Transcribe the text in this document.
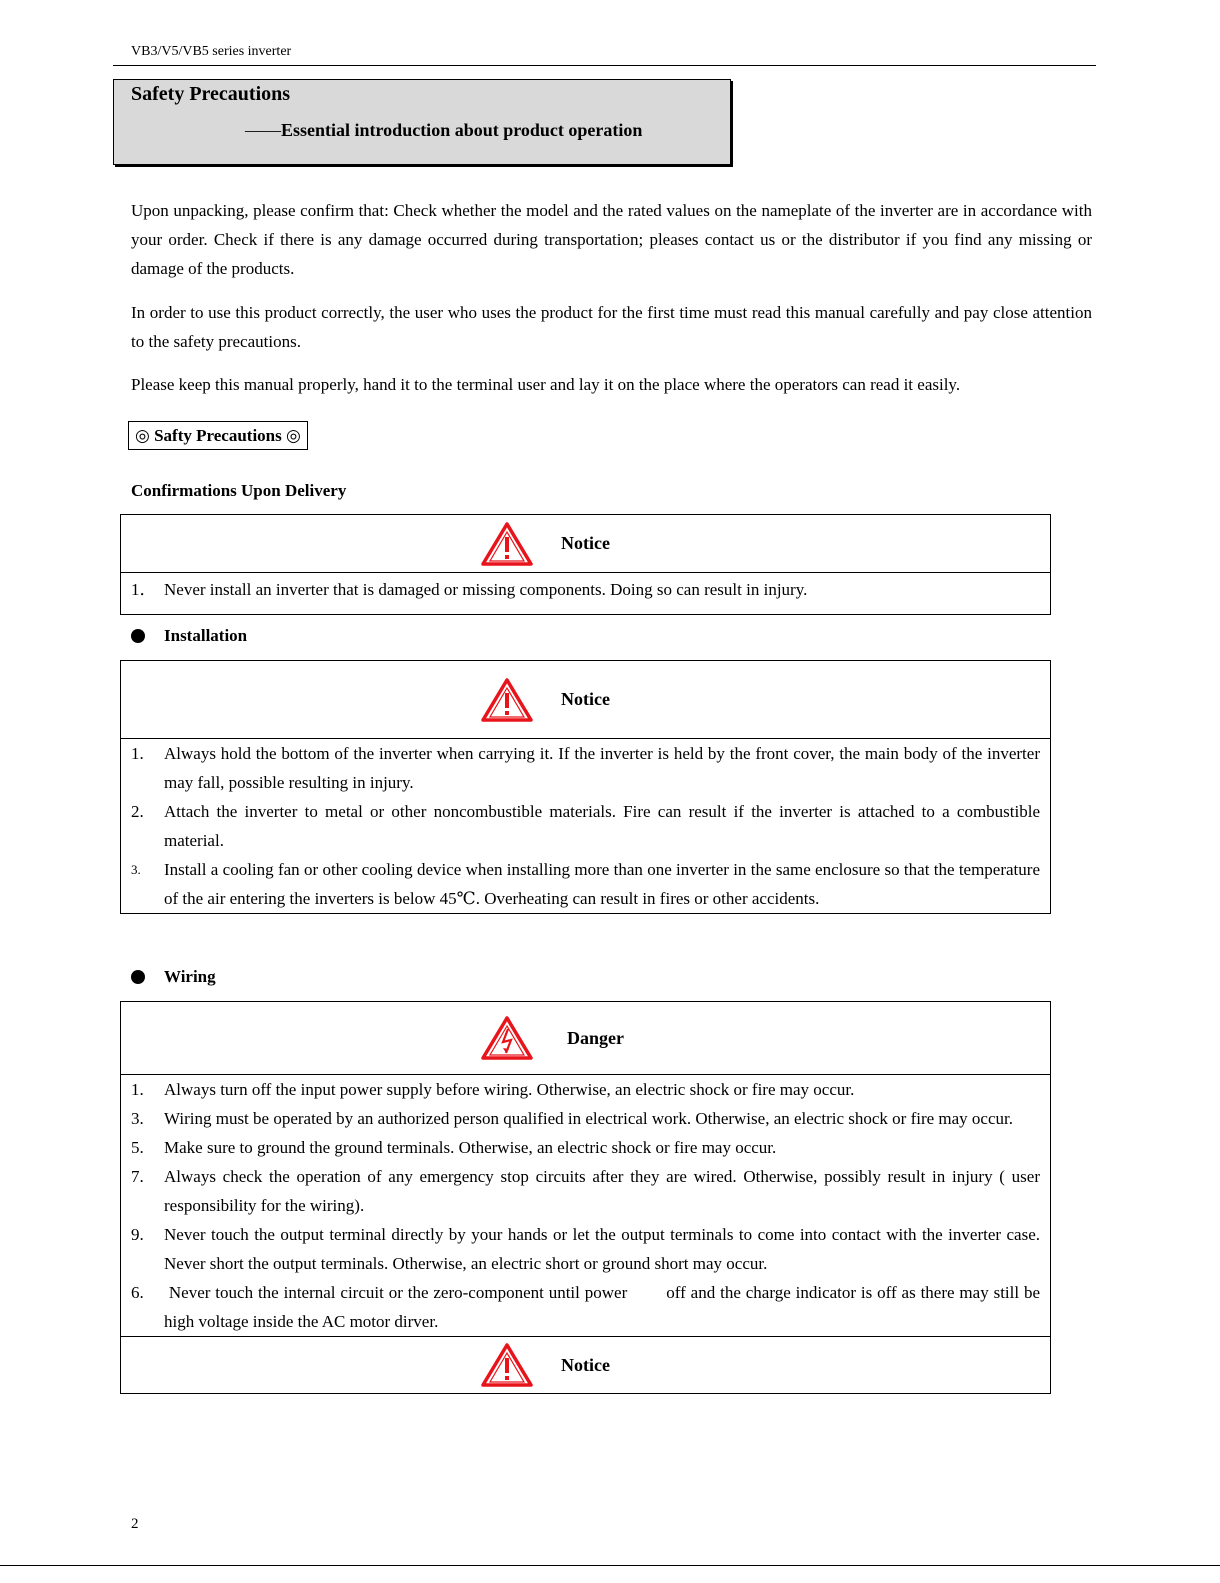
VB3/V5/VB5 series inverter
Safety Precautions
——Essential introduction about product operation
Upon unpacking, please confirm that: Check whether the model and the rated values on the nameplate of the inverter are in accordance with your order. Check if there is any damage occurred during transportation; pleases contact us or the distributor if you find any missing or damage of the products.
In order to use this product correctly, the user who uses the product for the first time must read this manual carefully and pay close attention to the safety precautions.
Please keep this manual properly, hand it to the terminal user and lay it on the place where the operators can read it easily.
◎ Safty Precautions ◎
Confirmations Upon Delivery
Notice
1． Never install an inverter that is damaged or missing components. Doing so can result in injury.
Installation
Notice
1. Always hold the bottom of the inverter when carrying it. If the inverter is held by the front cover, the main body of the inverter may fall, possible resulting in injury.
2. Attach the inverter to metal or other noncombustible materials. Fire can result if the inverter is attached to a combustible material.
3. Install a cooling fan or other cooling device when installing more than one inverter in the same enclosure so that the temperature of the air entering the inverters is below 45℃. Overheating can result in fires or other accidents.
Wiring
Danger
1. Always turn off the input power supply before wiring. Otherwise, an electric shock or fire may occur.
3. Wiring must be operated by an authorized person qualified in electrical work. Otherwise, an electric shock or fire may occur.
5. Make sure to ground the ground terminals. Otherwise, an electric shock or fire may occur.
7. Always check the operation of any emergency stop circuits after they are wired. Otherwise, possibly result in injury ( user responsibility for the wiring).
9. Never touch the output terminal directly by your hands or let the output terminals to come into contact with the inverter case. Never short the output terminals. Otherwise, an electric short or ground short may occur.
6. Never touch the internal circuit or the zero-component until power        off and the charge indicator is off as there may still be high voltage inside the AC motor dirver.
Notice
2
